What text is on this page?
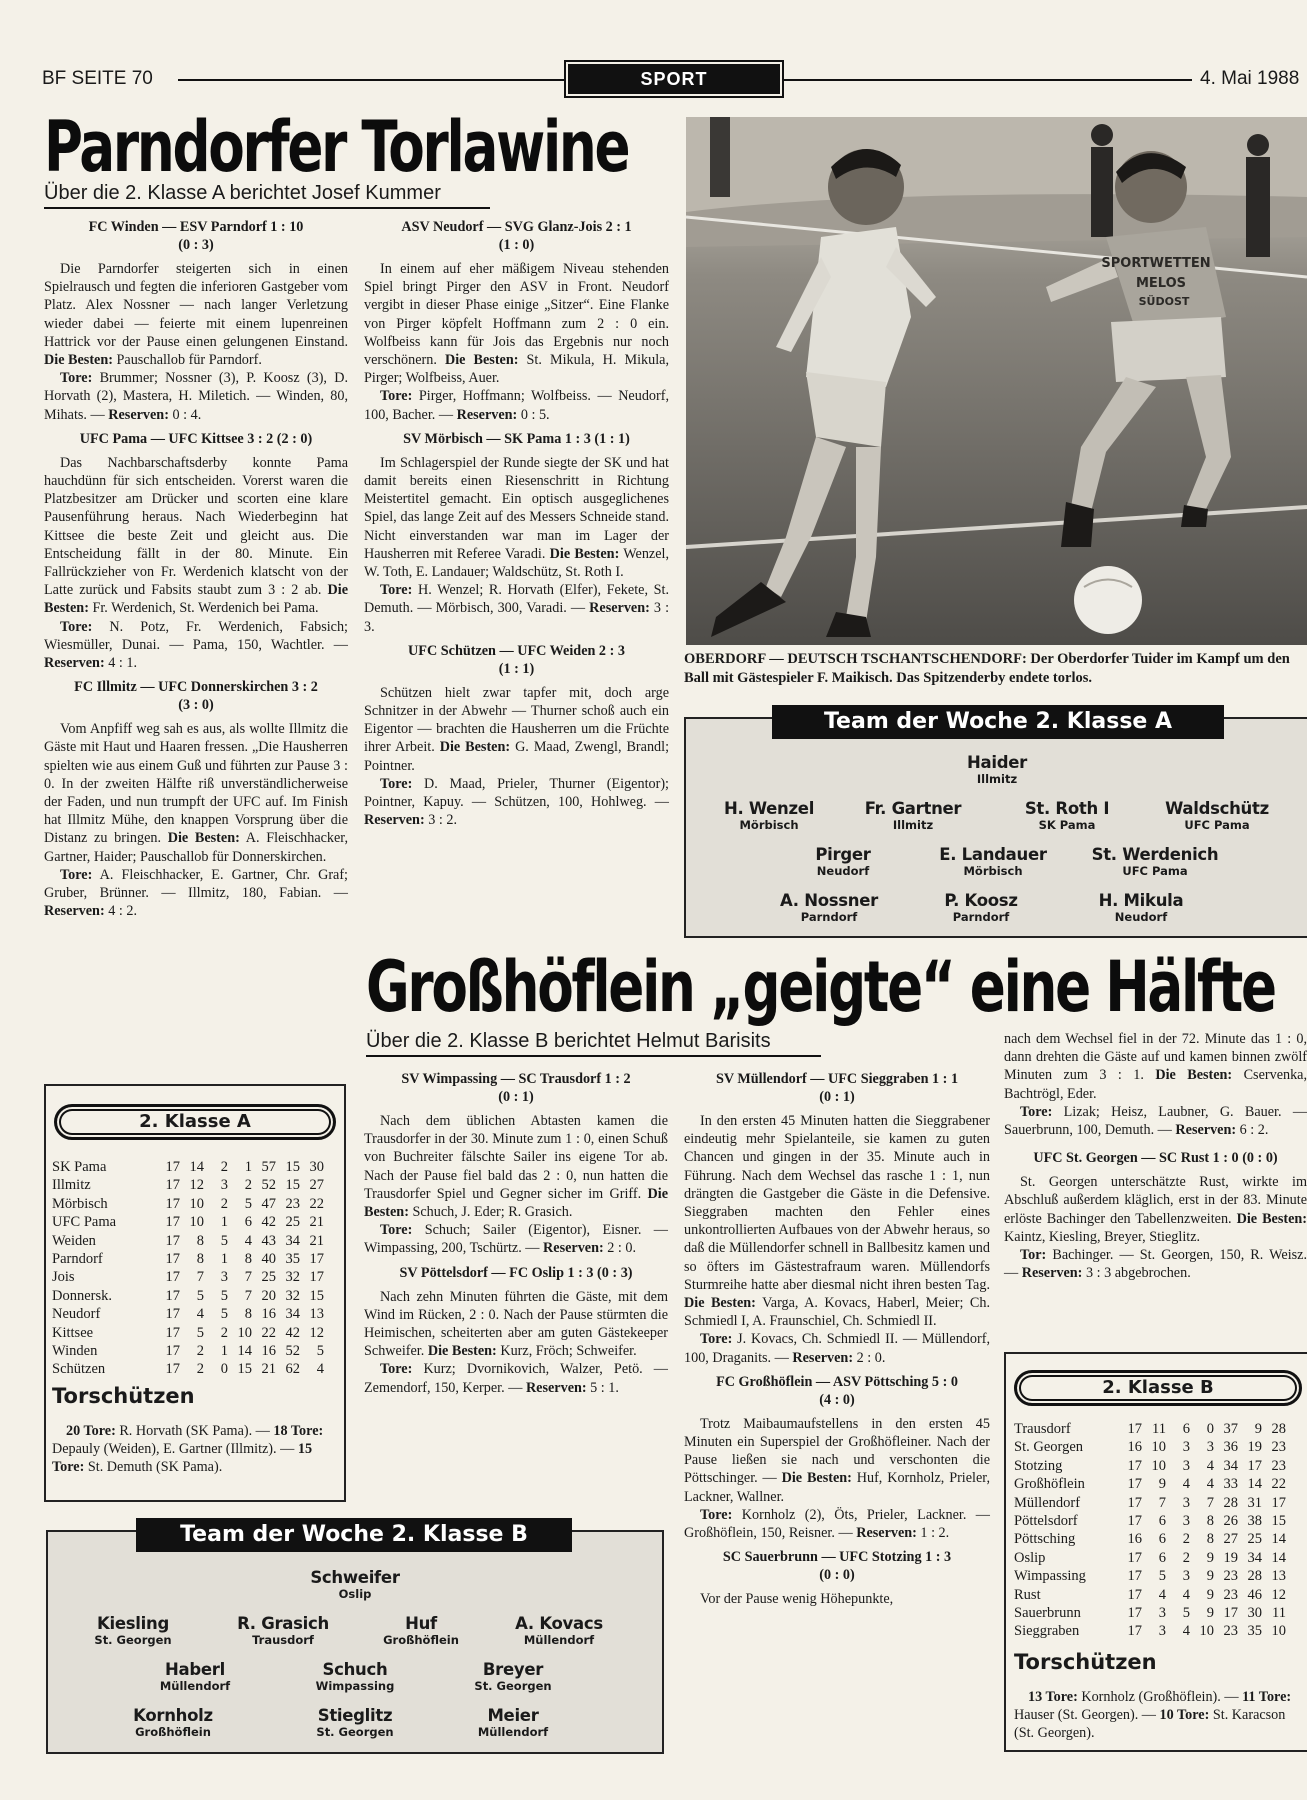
BF SEITE 70	SPORT	4. Mai 1988
Parndorfer Torlawine
Über die 2. Klasse A berichtet Josef Kummer
FC Winden — ESV Parndorf 1 : 10
(0 : 3)

Die Parndorfer steigerten sich in einen Spielrausch und fegten die inferioren Gastgeber vom Platz. Alex Nossner — nach langer Verletzung wieder dabei — feierte mit einem lupenreinen Hattrick vor der Pause einen gelungenen Einstand. Die Besten: Pauschallob für Parndorf.

Tore: Brummer; Nossner (3), P. Koosz (3), D. Horvath (2), Mastera, H. Miletich. — Winden, 80, Mihats. — Reserven: 0 : 4.

UFC Pama — UFC Kittsee 3 : 2 (2 : 0)

Das Nachbarschaftsderby konnte Pama hauchdünn für sich entscheiden. Vorerst waren die Platzbesitzer am Drücker und scorten eine klare Pausenführung heraus. Nach Wiederbeginn hat Kittsee die beste Zeit und gleicht aus. Die Entscheidung fällt in der 80. Minute. Ein Fallrückzieher von Fr. Werdenich klatscht von der Latte zurück und Fabsits staubt zum 3 : 2 ab. Die Besten: Fr. Werdenich, St. Werdenich bei Pama.

Tore: N. Potz, Fr. Werdenich, Fabsich; Wiesmüller, Dunai. — Pama, 150, Wachtler. — Reserven: 4 : 1.

FC Illmitz — UFC Donnerskirchen 3 : 2
(3 : 0)

Vom Anpfiff weg sah es aus, als wollte Illmitz die Gäste mit Haut und Haaren fressen. „Die Hausherren spielten wie aus einem Guß und führten zur Pause 3 : 0. In der zweiten Hälfte riß unverständlicherweise der Faden, und nun trumpft der UFC auf. Im Finish hat Illmitz Mühe, den knappen Vorsprung über die Distanz zu bringen. Die Besten: A. Fleischhacker, Gartner, Haider; Pauschallob für Donnerskirchen.

Tore: A. Fleischhacker, E. Gartner, Chr. Graf; Gruber, Brünner. — Illmitz, 180, Fabian. — Reserven: 4 : 2.

ASV Neudorf — SVG Glanz-Jois 2 : 1
(1 : 0)

In einem auf eher mäßigem Niveau stehenden Spiel bringt Pirger den ASV in Front. Neudorf vergibt in dieser Phase einige „Sitzer“. Eine Flanke von Pirger köpfelt Hoffmann zum 2 : 0 ein. Wolfbeiss kann für Jois das Ergebnis nur noch verschönern. Die Besten: St. Mikula, H. Mikula, Pirger; Wolfbeiss, Auer.

Tore: Pirger, Hoffmann; Wolfbeiss. — Neudorf, 100, Bacher. — Reserven: 0 : 5.

SV Mörbisch — SK Pama 1 : 3 (1 : 1)

Im Schlagerspiel der Runde siegte der SK und hat damit bereits einen Riesenschritt in Richtung Meistertitel gemacht. Ein optisch ausgeglichenes Spiel, das lange Zeit auf des Messers Schneide stand. Nicht einverstanden war man im Lager der Hausherren mit Referee Varadi. Die Besten: Wenzel, W. Toth, E. Landauer; Waldschütz, St. Roth I.

Tore: H. Wenzel; R. Horvath (Elfer), Fekete, St. Demuth. — Mörbisch, 300, Varadi. — Reserven: 3 : 3.

UFC Schützen — UFC Weiden 2 : 3
(1 : 1)

Schützen hielt zwar tapfer mit, doch arge Schnitzer in der Abwehr — Thurner schoß auch ein Eigentor — brachten die Hausherren um die Früchte ihrer Arbeit. Die Besten: G. Maad, Zwengl, Brandl; Pointner.

Tore: D. Maad, Prieler, Thurner (Eigentor); Pointner, Kapuy. — Schützen, 100, Hohlweg. — Reserven: 3 : 2.

SPORTWETTEN
MELOS
SÜDOST
OBERDORF — DEUTSCH TSCHANTSCHENDORF: Der Oberdorfer Tuider im Kampf um den Ball mit Gästespieler F. Maikisch. Das Spitzenderby endete torlos.
Team der Woche 2. Klasse A
Haider
Illmitz
H. Wenzel
Mörbisch
Fr. Gartner
Illmitz
St. Roth I
SK Pama
Waldschütz
UFC Pama
Pirger
Neudorf
E. Landauer
Mörbisch
St. Werdenich
UFC Pama
A. Nossner
Parndorf
P. Koosz
Parndorf
H. Mikula
Neudorf
2. Klasse A
SK Pama	17	14	2	1	57	15	30
Illmitz	17	12	3	2	52	15	27
Mörbisch	17	10	2	5	47	23	22
UFC Pama	17	10	1	6	42	25	21
Weiden	17	8	5	4	43	34	21
Parndorf	17	8	1	8	40	35	17
Jois	17	7	3	7	25	32	17
Donnersk.	17	5	5	7	20	32	15
Neudorf	17	4	5	8	16	34	13
Kittsee	17	5	2	10	22	42	12
Winden	17	2	1	14	16	52	5
Schützen	17	2	0	15	21	62	4
Torschützen
20 Tore: R. Horvath (SK Pama). — 18 Tore: Depauly (Weiden), E. Gartner (Illmitz). — 15 Tore: St. Demuth (SK Pama).
Großhöflein „geigte“ eine Hälfte
Über die 2. Klasse B berichtet Helmut Barisits
SV Wimpassing — SC Trausdorf 1 : 2
(0 : 1)

Nach dem üblichen Abtasten kamen die Trausdorfer in der 30. Minute zum 1 : 0, einen Schuß von Buchreiter fälschte Sailer ins eigene Tor ab. Nach der Pause fiel bald das 2 : 0, nun hatten die Trausdorfer Spiel und Gegner sicher im Griff. Die Besten: Schuch, J. Eder; R. Grasich.

Tore: Schuch; Sailer (Eigentor), Eisner. — Wimpassing, 200, Tschürtz. — Reserven: 2 : 0.

SV Pöttelsdorf — FC Oslip 1 : 3 (0 : 3)

Nach zehn Minuten führten die Gäste, mit dem Wind im Rücken, 2 : 0. Nach der Pause stürmten die Heimischen, scheiterten aber am guten Gästekeeper Schweifer. Die Besten: Kurz, Fröch; Schweifer.

Tore: Kurz; Dvornikovich, Walzer, Petö. — Zemendorf, 150, Kerper. — Reserven: 5 : 1.

SV Müllendorf — UFC Sieggraben 1 : 1
(0 : 1)

In den ersten 45 Minuten hatten die Sieggrabener eindeutig mehr Spielanteile, sie kamen zu guten Chancen und gingen in der 35. Minute auch in Führung. Nach dem Wechsel das rasche 1 : 1, nun drängten die Gastgeber die Gäste in die Defensive. Sieggraben machten den Fehler eines unkontrollierten Aufbaues von der Abwehr heraus, so daß die Müllendorfer schnell in Ballbesitz kamen und so öfters im Gästestrafraum waren. Müllendorfs Sturmreihe hatte aber diesmal nicht ihren besten Tag. Die Besten: Varga, A. Kovacs, Haberl, Meier; Ch. Schmiedl I, A. Fraunschiel, Ch. Schmiedl II.

Tore: J. Kovacs, Ch. Schmiedl II. — Müllendorf, 100, Draganits. — Reserven: 2 : 0.

FC Großhöflein — ASV Pöttsching 5 : 0
(4 : 0)

Trotz Maibaumaufstellens in den ersten 45 Minuten ein Superspiel der Großhöfleiner. Nach der Pause ließen sie nach und verschonten die Pöttschinger. — Die Besten: Huf, Kornholz, Prieler, Lackner, Wallner.

Tore: Kornholz (2), Öts, Prieler, Lackner. — Großhöflein, 150, Reisner. — Reserven: 1 : 2.

SC Sauerbrunn — UFC Stotzing 1 : 3
(0 : 0)

Vor der Pause wenig Höhepunkte,

nach dem Wechsel fiel in der 72. Minute das 1 : 0, dann drehten die Gäste auf und kamen binnen zwölf Minuten zum 3 : 1. Die Besten: Cservenka, Bachtrögl, Eder.

Tore: Lizak; Heisz, Laubner, G. Bauer. — Sauerbrunn, 100, Demuth. — Reserven: 6 : 2.

UFC St. Georgen — SC Rust 1 : 0 (0 : 0)

St. Georgen unterschätzte Rust, wirkte im Abschluß außerdem kläglich, erst in der 83. Minute erlöste Bachinger den Tabellenzweiten. Die Besten: Kaintz, Kiesling, Breyer, Stieglitz.

Tor: Bachinger. — St. Georgen, 150, R. Weisz. — Reserven: 3 : 3 abgebrochen.

2. Klasse B
Trausdorf	17	11	6	0	37	9	28
St. Georgen	16	10	3	3	36	19	23
Stotzing	17	10	3	4	34	17	23
Großhöflein	17	9	4	4	33	14	22
Müllendorf	17	7	3	7	28	31	17
Pöttelsdorf	17	6	3	8	26	38	15
Pöttsching	16	6	2	8	27	25	14
Oslip	17	6	2	9	19	34	14
Wimpassing	17	5	3	9	23	28	13
Rust	17	4	4	9	23	46	12
Sauerbrunn	17	3	5	9	17	30	11
Sieggraben	17	3	4	10	23	35	10
Torschützen
13 Tore: Kornholz (Großhöflein). — 11 Tore: Hauser (St. Georgen). — 10 Tore: St. Karacson (St. Georgen).
Team der Woche 2. Klasse B
Schweifer
Oslip
Kiesling
St. Georgen
R. Grasich
Trausdorf
Huf
Großhöflein
A. Kovacs
Müllendorf
Haberl
Müllendorf
Schuch
Wimpassing
Breyer
St. Georgen
Kornholz
Großhöflein
Stieglitz
St. Georgen
Meier
Müllendorf
